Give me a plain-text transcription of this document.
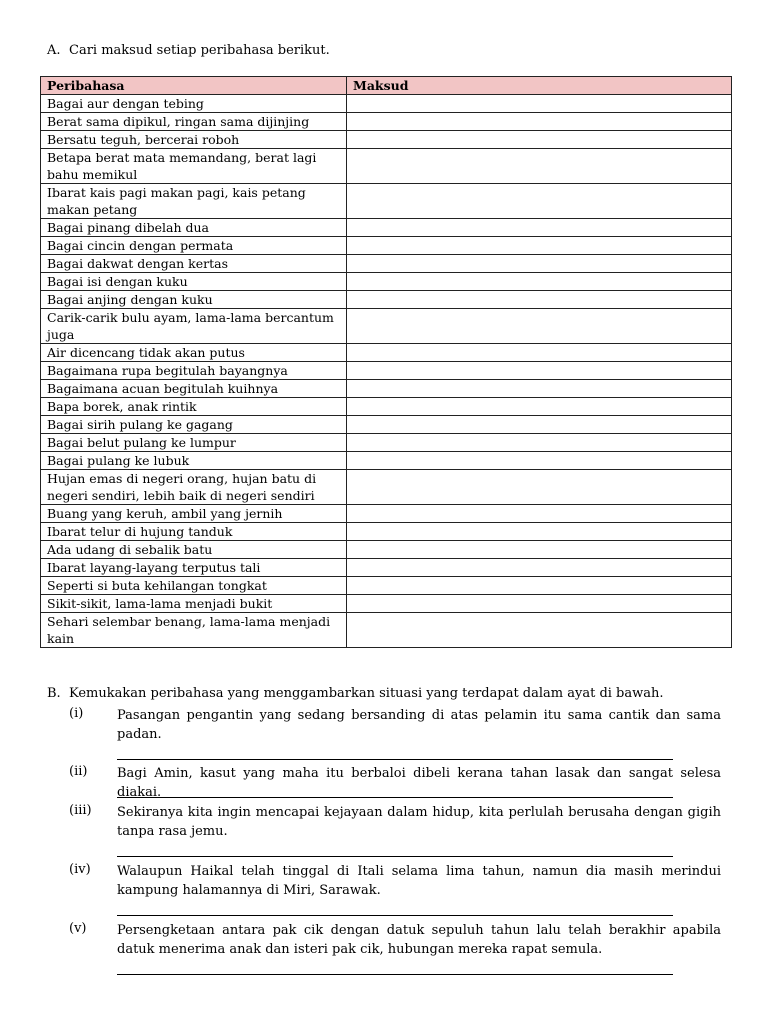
A. Cari maksud setiap peribahasa berikut.
Peribahasa	Maksud
Bagai aur dengan tebing	
Berat sama dipikul, ringan sama dijinjing	
Bersatu teguh, bercerai roboh	
Betapa berat mata memandang, berat lagi bahu memikul	
Ibarat kais pagi makan pagi, kais petang makan petang	
Bagai pinang dibelah dua	
Bagai cincin dengan permata	
Bagai dakwat dengan kertas	
Bagai isi dengan kuku	
Bagai anjing dengan kuku	
Carik-carik bulu ayam, lama-lama bercantum juga	
Air dicencang tidak akan putus	
Bagaimana rupa begitulah bayangnya	
Bagaimana acuan begitulah kuihnya	
Bapa borek, anak rintik	
Bagai sirih pulang ke gagang	
Bagai belut pulang ke lumpur	
Bagai pulang ke lubuk	
Hujan emas di negeri orang, hujan batu di negeri sendiri, lebih baik di negeri sendiri	
Buang yang keruh, ambil yang jernih	
Ibarat telur di hujung tanduk	
Ada udang di sebalik batu	
Ibarat layang-layang terputus tali	
Seperti si buta kehilangan tongkat	
Sikit-sikit, lama-lama menjadi bukit	
Sehari selembar benang, lama-lama menjadi kain	
B. Kemukakan peribahasa yang menggambarkan situasi yang terdapat dalam ayat di bawah.
(i)	Pasangan pengantin yang sedang bersanding di atas pelamin itu sama cantik dan sama padan.
(ii)	Bagi Amin, kasut yang maha itu berbaloi dibeli kerana tahan lasak dan sangat selesa diakai.
(iii)	Sekiranya kita ingin mencapai kejayaan dalam hidup, kita perlulah berusaha dengan gigih tanpa rasa jemu.
(iv)	Walaupun Haikal telah tinggal di Itali selama lima tahun, namun dia masih merindui kampung halamannya di Miri, Sarawak.
(v)	Persengketaan antara pak cik dengan datuk sepuluh tahun lalu telah berakhir apabila datuk menerima anak dan isteri pak cik, hubungan mereka rapat semula.
